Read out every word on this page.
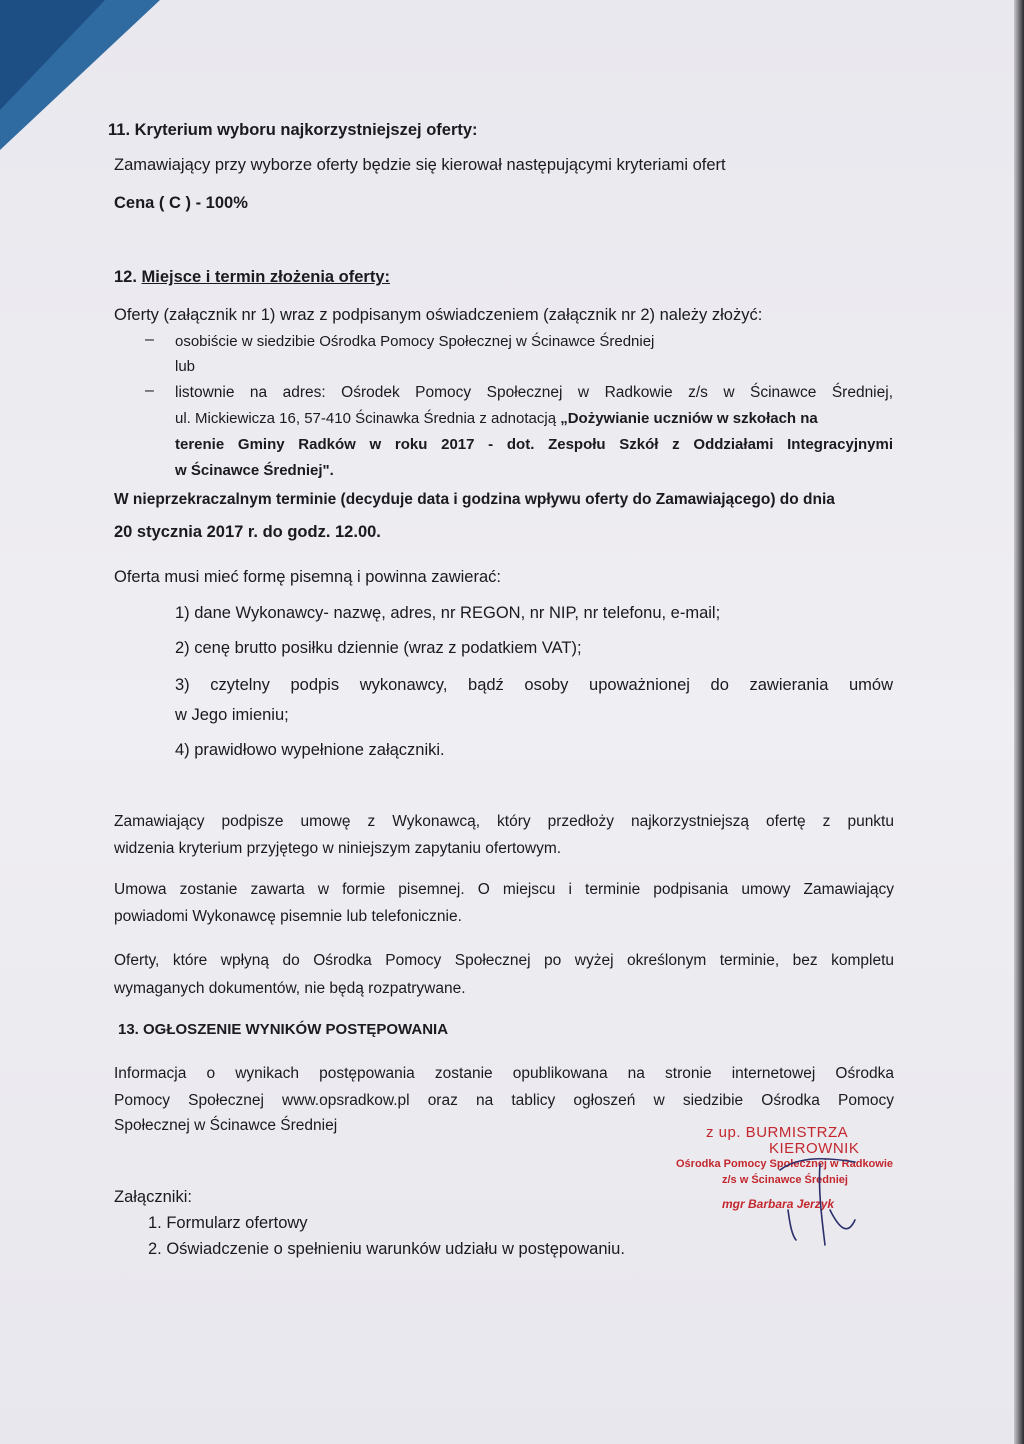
11. Kryterium wyboru najkorzystniejszej oferty:
Zamawiający przy wyborze oferty będzie się kierował następującymi kryteriami ofert
Cena ( C ) - 100%
12. Miejsce i termin złożenia oferty:
Oferty (załącznik nr 1) wraz z podpisanym oświadczeniem (załącznik nr 2) należy złożyć:
– osobiście w siedzibie Ośrodka Pomocy Społecznej w Ścinawce Średniej
lub
– listownie na adres: Ośrodek Pomocy Społecznej w Radkowie z/s w Ścinawce Średniej,
ul. Mickiewicza 16, 57-410 Ścinawka Średnia z adnotacją „Dożywianie uczniów w szkołach na
terenie Gminy Radków w roku 2017 - dot. Zespołu Szkół z Oddziałami Integracyjnymi
w Ścinawce Średniej".
W nieprzekraczalnym terminie (decyduje data i godzina wpływu oferty do Zamawiającego) do dnia
20 stycznia 2017 r. do godz. 12.00.
Oferta musi mieć formę pisemną i powinna zawierać:
1) dane Wykonawcy- nazwę, adres, nr REGON, nr NIP, nr telefonu, e-mail;
2) cenę brutto posiłku dziennie (wraz z podatkiem VAT);
3) czytelny podpis wykonawcy, bądź osoby upoważnionej do zawierania umów
w Jego imieniu;
4) prawidłowo wypełnione załączniki.
Zamawiający podpisze umowę z Wykonawcą, który przedłoży najkorzystniejszą ofertę z punktu
widzenia kryterium przyjętego w niniejszym zapytaniu ofertowym.
Umowa zostanie zawarta w formie pisemnej. O miejscu i terminie podpisania umowy Zamawiający
powiadomi Wykonawcę pisemnie lub telefonicznie.
Oferty, które wpłyną do Ośrodka Pomocy Społecznej po wyżej określonym terminie, bez kompletu
wymaganych dokumentów, nie będą rozpatrywane.
13. OGŁOSZENIE WYNIKÓW POSTĘPOWANIA
Informacja o wynikach postępowania zostanie opublikowana na stronie internetowej Ośrodka
Pomocy Społecznej www.opsradkow.pl oraz na tablicy ogłoszeń w siedzibie Ośrodka Pomocy
Społecznej w Ścinawce Średniej
Załączniki:
1. Formularz ofertowy
2. Oświadczenie o spełnieniu warunków udziału w postępowaniu.
z up. BURMISTRZA
KIEROWNIK
Ośrodka Pomocy Społecznej w Radkowie
z/s w Ścinawce Średniej
mgr Barbara Jerzyk
